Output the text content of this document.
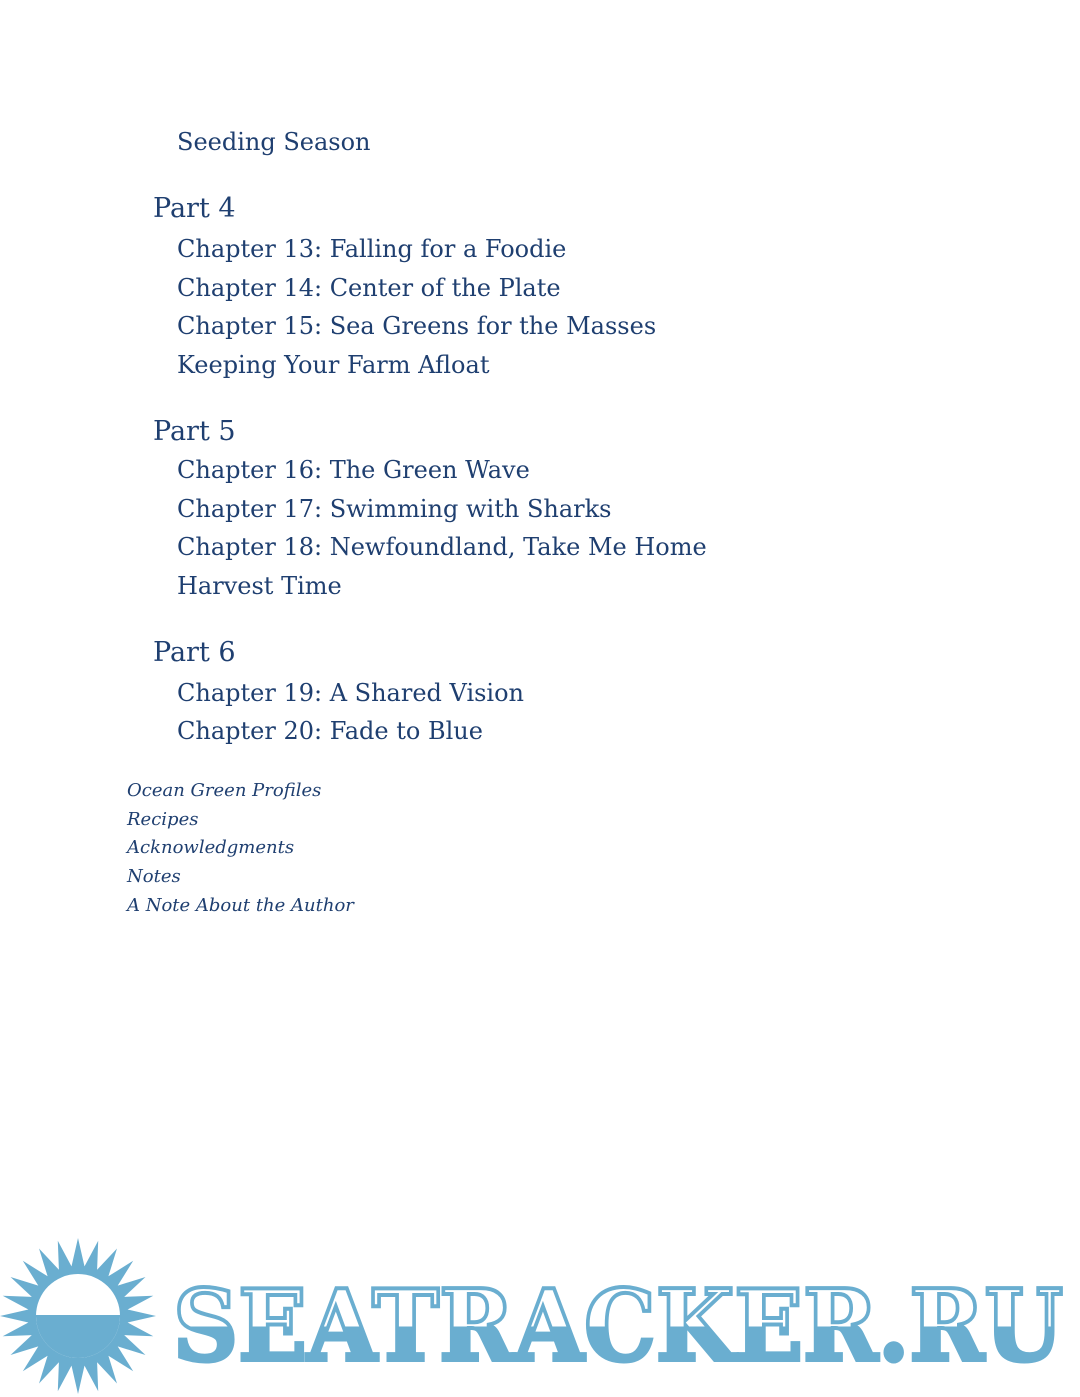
Seeding Season
Part 4
Chapter 13: Falling for a Foodie
Chapter 14: Center of the Plate
Chapter 15: Sea Greens for the Masses
Keeping Your Farm Afloat
Part 5
Chapter 16: The Green Wave
Chapter 17: Swimming with Sharks
Chapter 18: Newfoundland, Take Me Home
Harvest Time
Part 6
Chapter 19: A Shared Vision
Chapter 20: Fade to Blue
Ocean Green Profiles
Recipes
Acknowledgments
Notes
A Note About the Author
SEATRACKER.RU
